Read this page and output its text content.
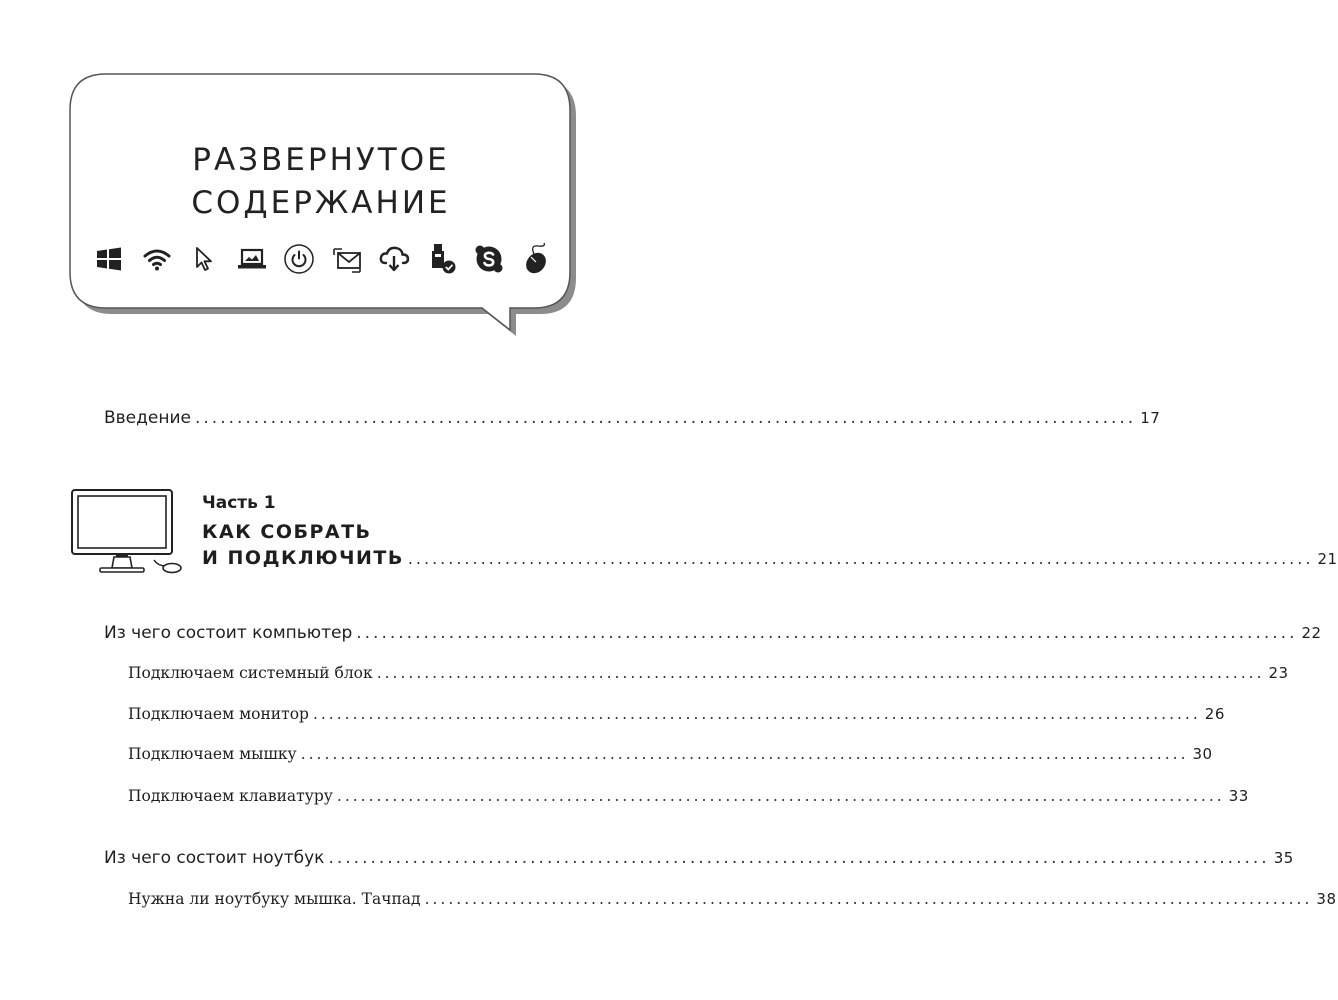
РАЗВЕРНУТОЕ
СОДЕРЖАНИЕ
Введение ................................................................................................................ 17
Часть 1
КАК СОБРАТЬ
И ПОДКЛЮЧИТЬ ................................................................................................................ 21
Из чего состоит компьютер ................................................................................................................ 22
Подключаем системный блок ................................................................................................................ 23
Подключаем монитор ................................................................................................................ 26
Подключаем мышку ................................................................................................................ 30
Подключаем клавиатуру ................................................................................................................ 33
Из чего состоит ноутбук ................................................................................................................ 35
Нужна ли ноутбуку мышка. Тачпад ................................................................................................................ 38
